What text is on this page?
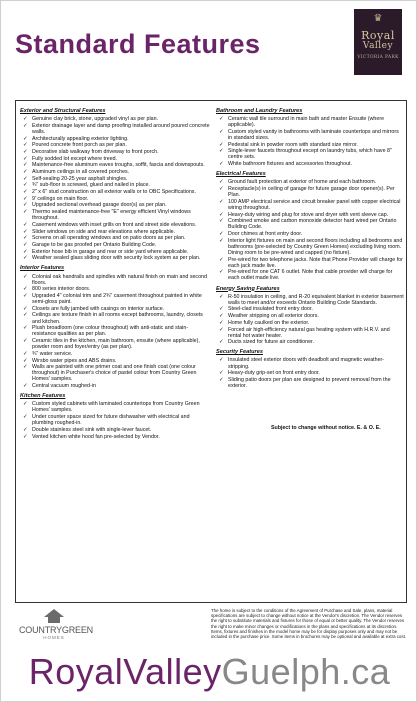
Standard Features
♛
Royal
Valley
VICTORIA PARK
Exterior and Structural Features
✓ Genuine clay brick, stone, upgraded vinyl as per plan.
✓ Exterior drainage layer and damp proofing installed around poured concrete walls.
✓ Architecturally appealing exterior lighting.
✓ Poured concrete front porch as per plan.
✓ Decorative slab walkway from driveway to front porch.
✓ Fully sodded lot except where treed.
✓ Maintenance-free aluminum eaves troughs, soffit, fascia and downspouts.
✓ Aluminum ceilings in all covered porches.
✓ Self-sealing 20-25 year asphalt shingles.
✓ ¾" sub-floor is screwed, glued and nailed in place.
✓ 2" x 6" stud construction on all exterior walls or to OBC Specifications.
✓ 9' ceilings on main floor.
✓ Upgraded sectional overhead garage door(s) as per plan.
✓ Thermo sealed maintenance-free "E" energy efficient Vinyl windows throughout.
✓ Casement windows with inset grills on front and street side elevations.
✓ Slider windows on side and rear elevations where applicable.
✓ Screens on all operating windows and on patio doors as per plan.
✓ Garage to be gas proofed per Ontario Building Code.
✓ Exterior hose bib in garage and rear or side yard where applicable.
✓ Weather sealed glass sliding door with security lock system as per plan.
Interior Features
✓ Colonial oak handrails and spindles with natural finish on main and second floors.
✓ 800 series interior doors.
✓ Upgraded 4" colonial trim and 2¾" casement throughout painted in white semi-gloss paint.
✓ Closets are fully jambed with casings on interior surface.
✓ Ceilings are texture finish in all rooms except bathrooms, laundry, closets and kitchen.
✓ Plush broadloom (one colour throughout) with anti-static and stain-resistance qualities as per plan.
✓ Ceramic tiles in the kitchen, main bathroom, ensuite (where applicable), powder room and foyer/entry (as per plan).
✓ ¾" water service.
✓ Wirsbo water pipes and ABS drains.
✓ Walls are painted with one primer coat and one finish coat (one colour throughout) in Purchaser's choice of pastel colour from Country Green Homes' samples.
✓ Central vacuum roughed-in
Kitchen Features
✓ Custom styled cabinets with laminated countertops from Country Green Homes' samples.
✓ Under counter space sized for future dishwasher with electrical and plumbing roughed-in.
✓ Double stainless steel sink with single-lever faucet.
✓ Vented kitchen white hood fan pre-selected by Vendor.
Bathroom and Laundry Features
✓ Ceramic wall tile surround in main bath and master Ensuite (where applicable).
✓ Custom styled vanity in bathrooms with laminate countertops and mirrors in standard sizes.
✓ Pedestal sink in powder room with standard size mirror.
✓ Single-lever faucets throughout except on laundry tubs, which have 8" centre sets.
✓ White bathroom fixtures and accessories throughout.
Electrical Features
✓ Ground fault protection at exterior of home and each bathroom.
✓ Receptacle(s) in ceiling of garage for future garage door opener(s). Per Plan.
✓ 100 AMP electrical service and circuit breaker panel with copper electrical wiring throughout.
✓ Heavy-duty wiring and plug for stove and dryer with vent sleeve cap.
✓ Combined smoke and carbon monoxide detector hard wired per Ontario Building Code.
✓ Door chimes at front entry door.
✓ Interior light fixtures on main and second floors including all bedrooms and bathrooms (pre-selected by Country Green Homes) excluding living room. Dining room to be pre-wired and capped (no fixture).
✓ Pre-wired for two telephone jacks. Note that Phone Provider will charge for each jack made live.
✓ Pre-wired for one CAT 6 outlet. Note that cable provider will charge for each outlet made live.
Energy Saving Features
✓ R-50 insulation in ceiling, and R-20 equivalent blanket in exterior basement walls to meet and/or exceeds Ontario Building Code Standards.
✓ Steel-clad insulated front entry door.
✓ Weather stripping on all exterior doors.
✓ Home fully caulked on the exterior.
✓ Forced air high-efficiency natural gas heating system with H.R.V. and rental hot water heater.
✓ Ducts sized for future air conditioner.
Security Features
✓ Insulated steel exterior doors with deadbolt and magnetic weather-stripping.
✓ Heavy-duty grip-set on front entry door.
✓ Sliding patio doors per plan are designed to prevent removal from the exterior.
Subject to change without notice. E. & O. E.
COUNTRYGREEN
HOMES
The home is subject to the conditions of the Agreement of Purchase and Sale, plans, material specifications are subject to change without notice at the Vendor's discretion. The Vendor reserves the right to substitute materials and fixtures for those of equal or better quality. The Vendor reserves the right to make minor changes or modifications in the plans and specifications at its discretion. Items, fixtures and finishes in the model home may be for display purposes only and may not be included in the purchase price. Some items in brochures may be optional and available at extra cost.
RoyalValleyGuelph.ca
